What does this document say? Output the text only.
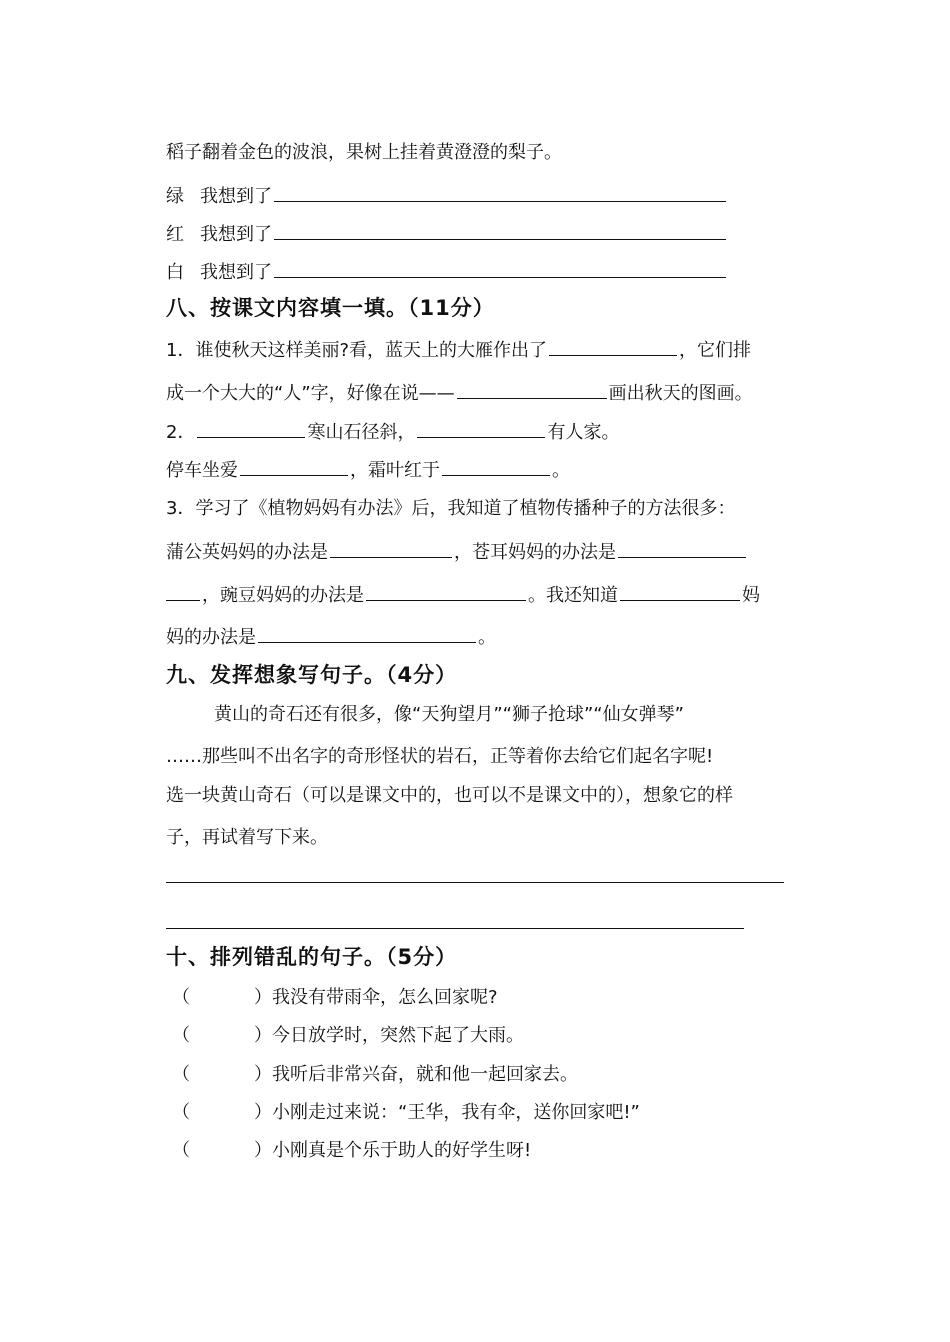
稻子翻着金色的波浪，果树上挂着黄澄澄的梨子。
绿 我想到了
红 我想到了
白 我想到了
八、按课文内容填一填。（11分）
1．谁使秋天这样美丽?看，蓝天上的大雁作出了	，它们排
成一个大大的“人”字，好像在说——	画出秋天的图画。
2．	寒山石径斜，	有人家。
停车坐爱	，霜叶红于	。
3．学习了《植物妈妈有办法》后，我知道了植物传播种子的方法很多：
蒲公英妈妈的办法是	，苍耳妈妈的办法是
，豌豆妈妈的办法是	。我还知道	妈
妈的办法是	。
九、发挥想象写句子。（4分）
黄山的奇石还有很多，像“天狗望月”“狮子抢球”“仙女弹琴”
……那些叫不出名字的奇形怪状的岩石，正等着你去给它们起名字呢!
选一块黄山奇石（可以是课文中的，也可以不是课文中的），想象它的样
子，再试着写下来。
十、排列错乱的句子。（5分）
（	）我没有带雨伞，怎么回家呢?
（	）今日放学时，突然下起了大雨。
（	）我听后非常兴奋，就和他一起回家去。
（	）小刚走过来说：“王华，我有伞，送你回家吧!”
（	）小刚真是个乐于助人的好学生呀!
